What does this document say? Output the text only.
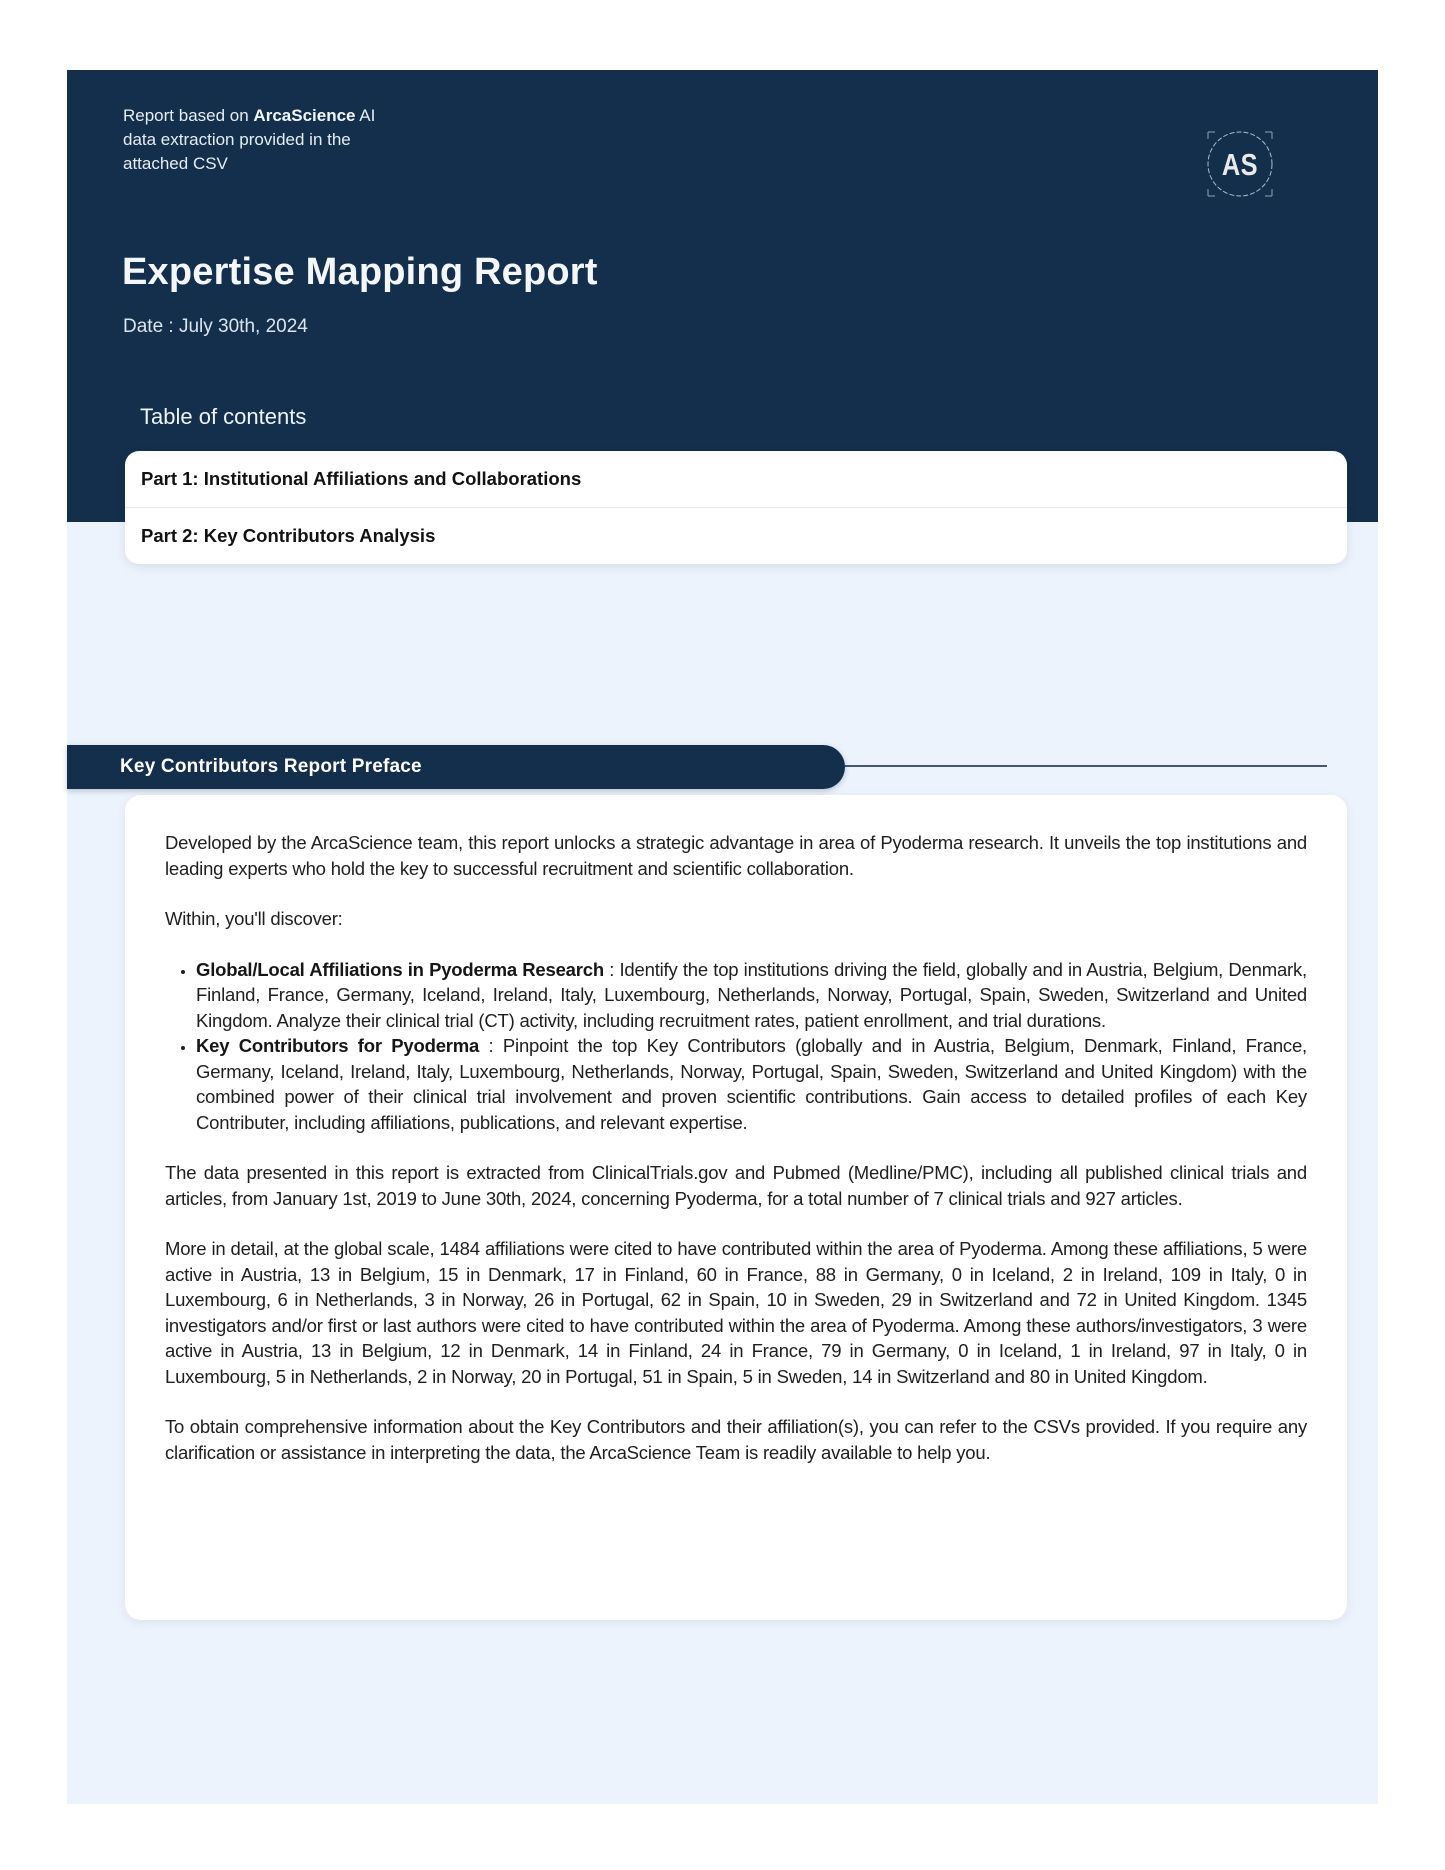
Report based on ArcaScience AI data extraction provided in the attached CSV	AS
Expertise Mapping Report
Date : July 30th, 2024
Table of contents
Part 1: Institutional Affiliations and Collaborations
Part 2: Key Contributors Analysis
Key Contributors Report Preface

Developed by the ArcaScience team, this report unlocks a strategic advantage in area of Pyoderma research. It unveils the top institutions and leading experts who hold the key to successful recruitment and scientific collaboration.

Within, you'll discover:

• Global/Local Affiliations in Pyoderma Research : Identify the top institutions driving the field, globally and in Austria, Belgium, Denmark, Finland, France, Germany, Iceland, Ireland, Italy, Luxembourg, Netherlands, Norway, Portugal, Spain, Sweden, Switzerland and United Kingdom. Analyze their clinical trial (CT) activity, including recruitment rates, patient enrollment, and trial durations.
• Key Contributors for Pyoderma : Pinpoint the top Key Contributors (globally and in Austria, Belgium, Denmark, Finland, France, Germany, Iceland, Ireland, Italy, Luxembourg, Netherlands, Norway, Portugal, Spain, Sweden, Switzerland and United Kingdom) with the combined power of their clinical trial involvement and proven scientific contributions. Gain access to detailed profiles of each Key Contributer, including affiliations, publications, and relevant expertise.

The data presented in this report is extracted from ClinicalTrials.gov and Pubmed (Medline/PMC), including all published clinical trials and articles, from January 1st, 2019 to June 30th, 2024, concerning Pyoderma, for a total number of 7 clinical trials and 927 articles.

More in detail, at the global scale, 1484 affiliations were cited to have contributed within the area of Pyoderma. Among these affiliations, 5 were active in Austria, 13 in Belgium, 15 in Denmark, 17 in Finland, 60 in France, 88 in Germany, 0 in Iceland, 2 in Ireland, 109 in Italy, 0 in Luxembourg, 6 in Netherlands, 3 in Norway, 26 in Portugal, 62 in Spain, 10 in Sweden, 29 in Switzerland and 72 in United Kingdom. 1345 investigators and/or first or last authors were cited to have contributed within the area of Pyoderma. Among these authors/investigators, 3 were active in Austria, 13 in Belgium, 12 in Denmark, 14 in Finland, 24 in France, 79 in Germany, 0 in Iceland, 1 in Ireland, 97 in Italy, 0 in Luxembourg, 5 in Netherlands, 2 in Norway, 20 in Portugal, 51 in Spain, 5 in Sweden, 14 in Switzerland and 80 in United Kingdom.

To obtain comprehensive information about the Key Contributors and their affiliation(s), you can refer to the CSVs provided. If you require any clarification or assistance in interpreting the data, the ArcaScience Team is readily available to help you.
